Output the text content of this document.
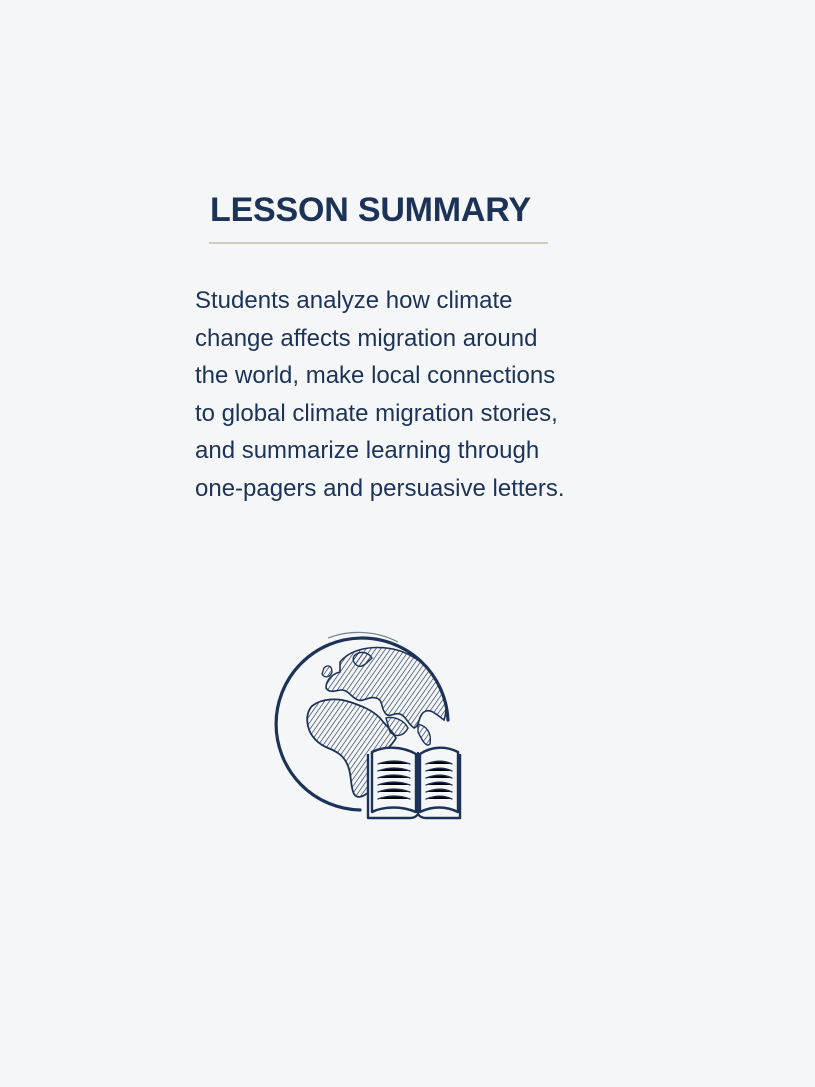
LESSON SUMMARY

Students analyze how climate change affects migration around the world, make local connections to global climate migration stories, and summarize learning through one-pagers and persuasive letters.
